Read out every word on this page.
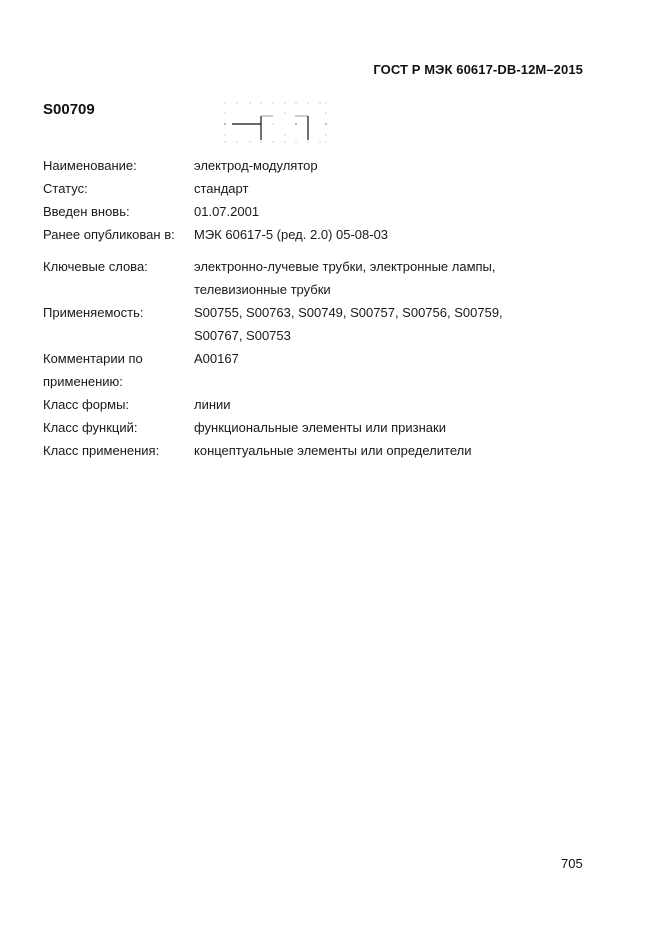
ГОСТ Р МЭК 60617-DB-12M–2015
S00709
Наименование:	электрод-модулятор
Статус:	стандарт
Введен вновь:	01.07.2001
Ранее опубликован в:	МЭК 60617-5 (ред. 2.0) 05-08-03
Ключевые слова:	электронно-лучевые трубки, электронные лампы,
телевизионные трубки
Применяемость:	S00755, S00763, S00749, S00757, S00756, S00759,
S00767, S00753
Комментарии по
применению:
A00167
Класс формы:	линии
Класс функций:	функциональные элементы или признаки
Класс применения:	концептуальные элементы или определители
705
